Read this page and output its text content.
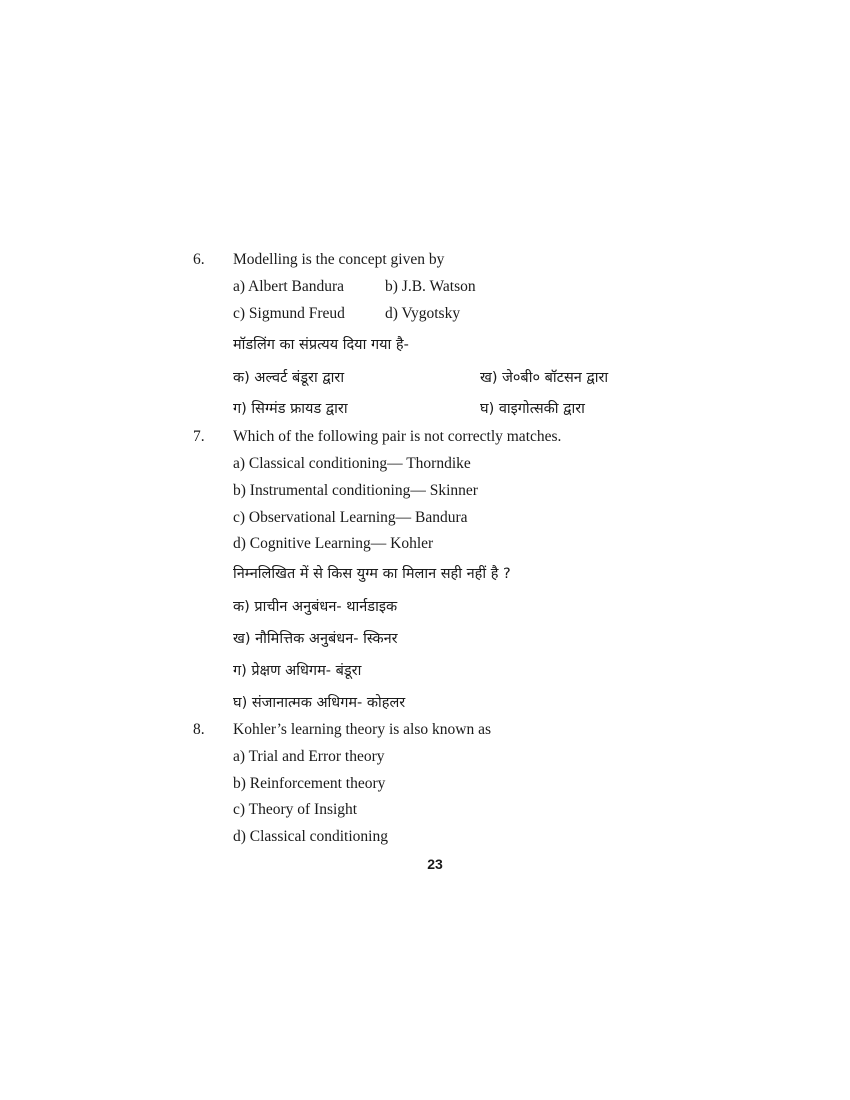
6.	Modelling is the concept given by
a) Albert Bandura	b) J.B. Watson
c) Sigmund Freud	d) Vygotsky
मॉडलिंग का संप्रत्यय दिया गया है-
क) अल्वर्ट बंडूरा द्वारा	ख) जे०बी० बॉटसन द्वारा
ग) सिग्मंड फ्रायड द्वारा	घ) वाइगोत्सकी द्वारा
7.	Which of the following pair is not correctly matches.
a) Classical conditioning— Thorndike
b) Instrumental conditioning— Skinner
c) Observational Learning— Bandura
d) Cognitive Learning— Kohler
निम्नलिखित में से किस युग्म का मिलान सही नहीं है ?
क) प्राचीन अनुबंधन- थार्नडाइक
ख) नौमित्तिक अनुबंधन- स्किनर
ग) प्रेक्षण अधिगम- बंडूरा
घ) संजानात्मक अधिगम- कोहलर
8.	Kohler’s learning theory is also known as
a) Trial and Error theory
b) Reinforcement theory
c) Theory of Insight
d) Classical conditioning
23
